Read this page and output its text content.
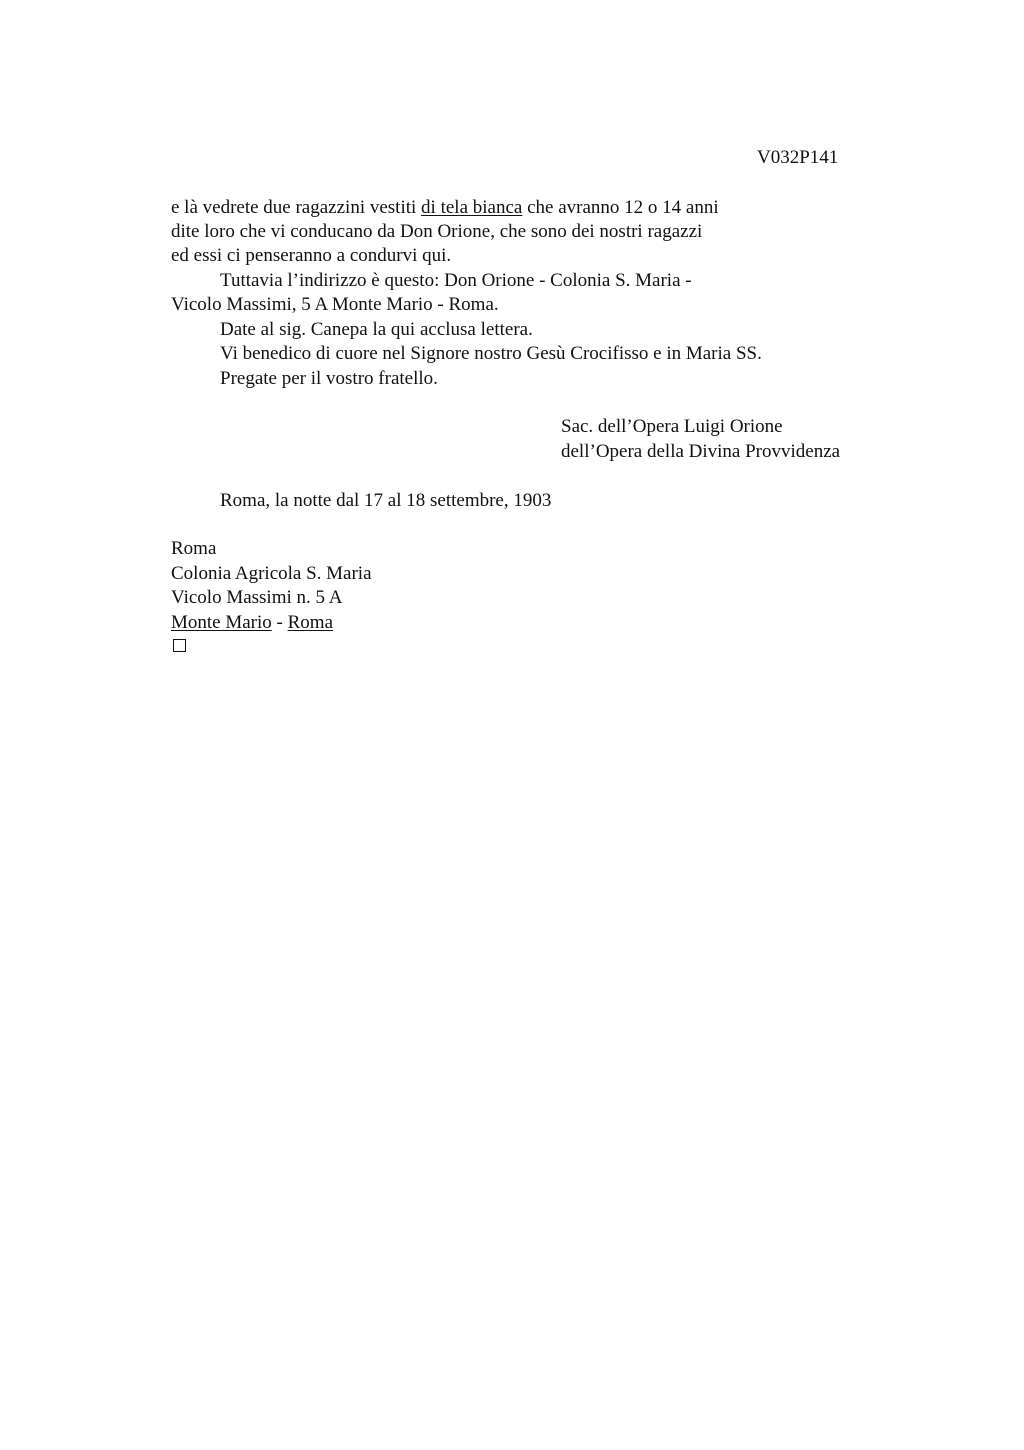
V032P141
e là vedrete due ragazzini vestiti di tela bianca che avranno 12 o 14 anni
dite loro che vi conducano da Don Orione, che sono dei nostri ragazzi
ed essi ci penseranno a condurvi qui.
Tuttavia l’indirizzo è questo: Don Orione - Colonia S. Maria -
Vicolo Massimi, 5 A Monte Mario - Roma.
Date al sig. Canepa la qui acclusa lettera.
Vi benedico di cuore nel Signore nostro Gesù Crocifisso e in Maria SS.
Pregate per il vostro fratello.
Sac. dell’Opera Luigi Orione
dell’Opera della Divina Provvidenza
Roma, la notte dal 17 al 18 settembre, 1903
Roma
Colonia Agricola S. Maria
Vicolo Massimi n. 5 A
Monte Mario - Roma
